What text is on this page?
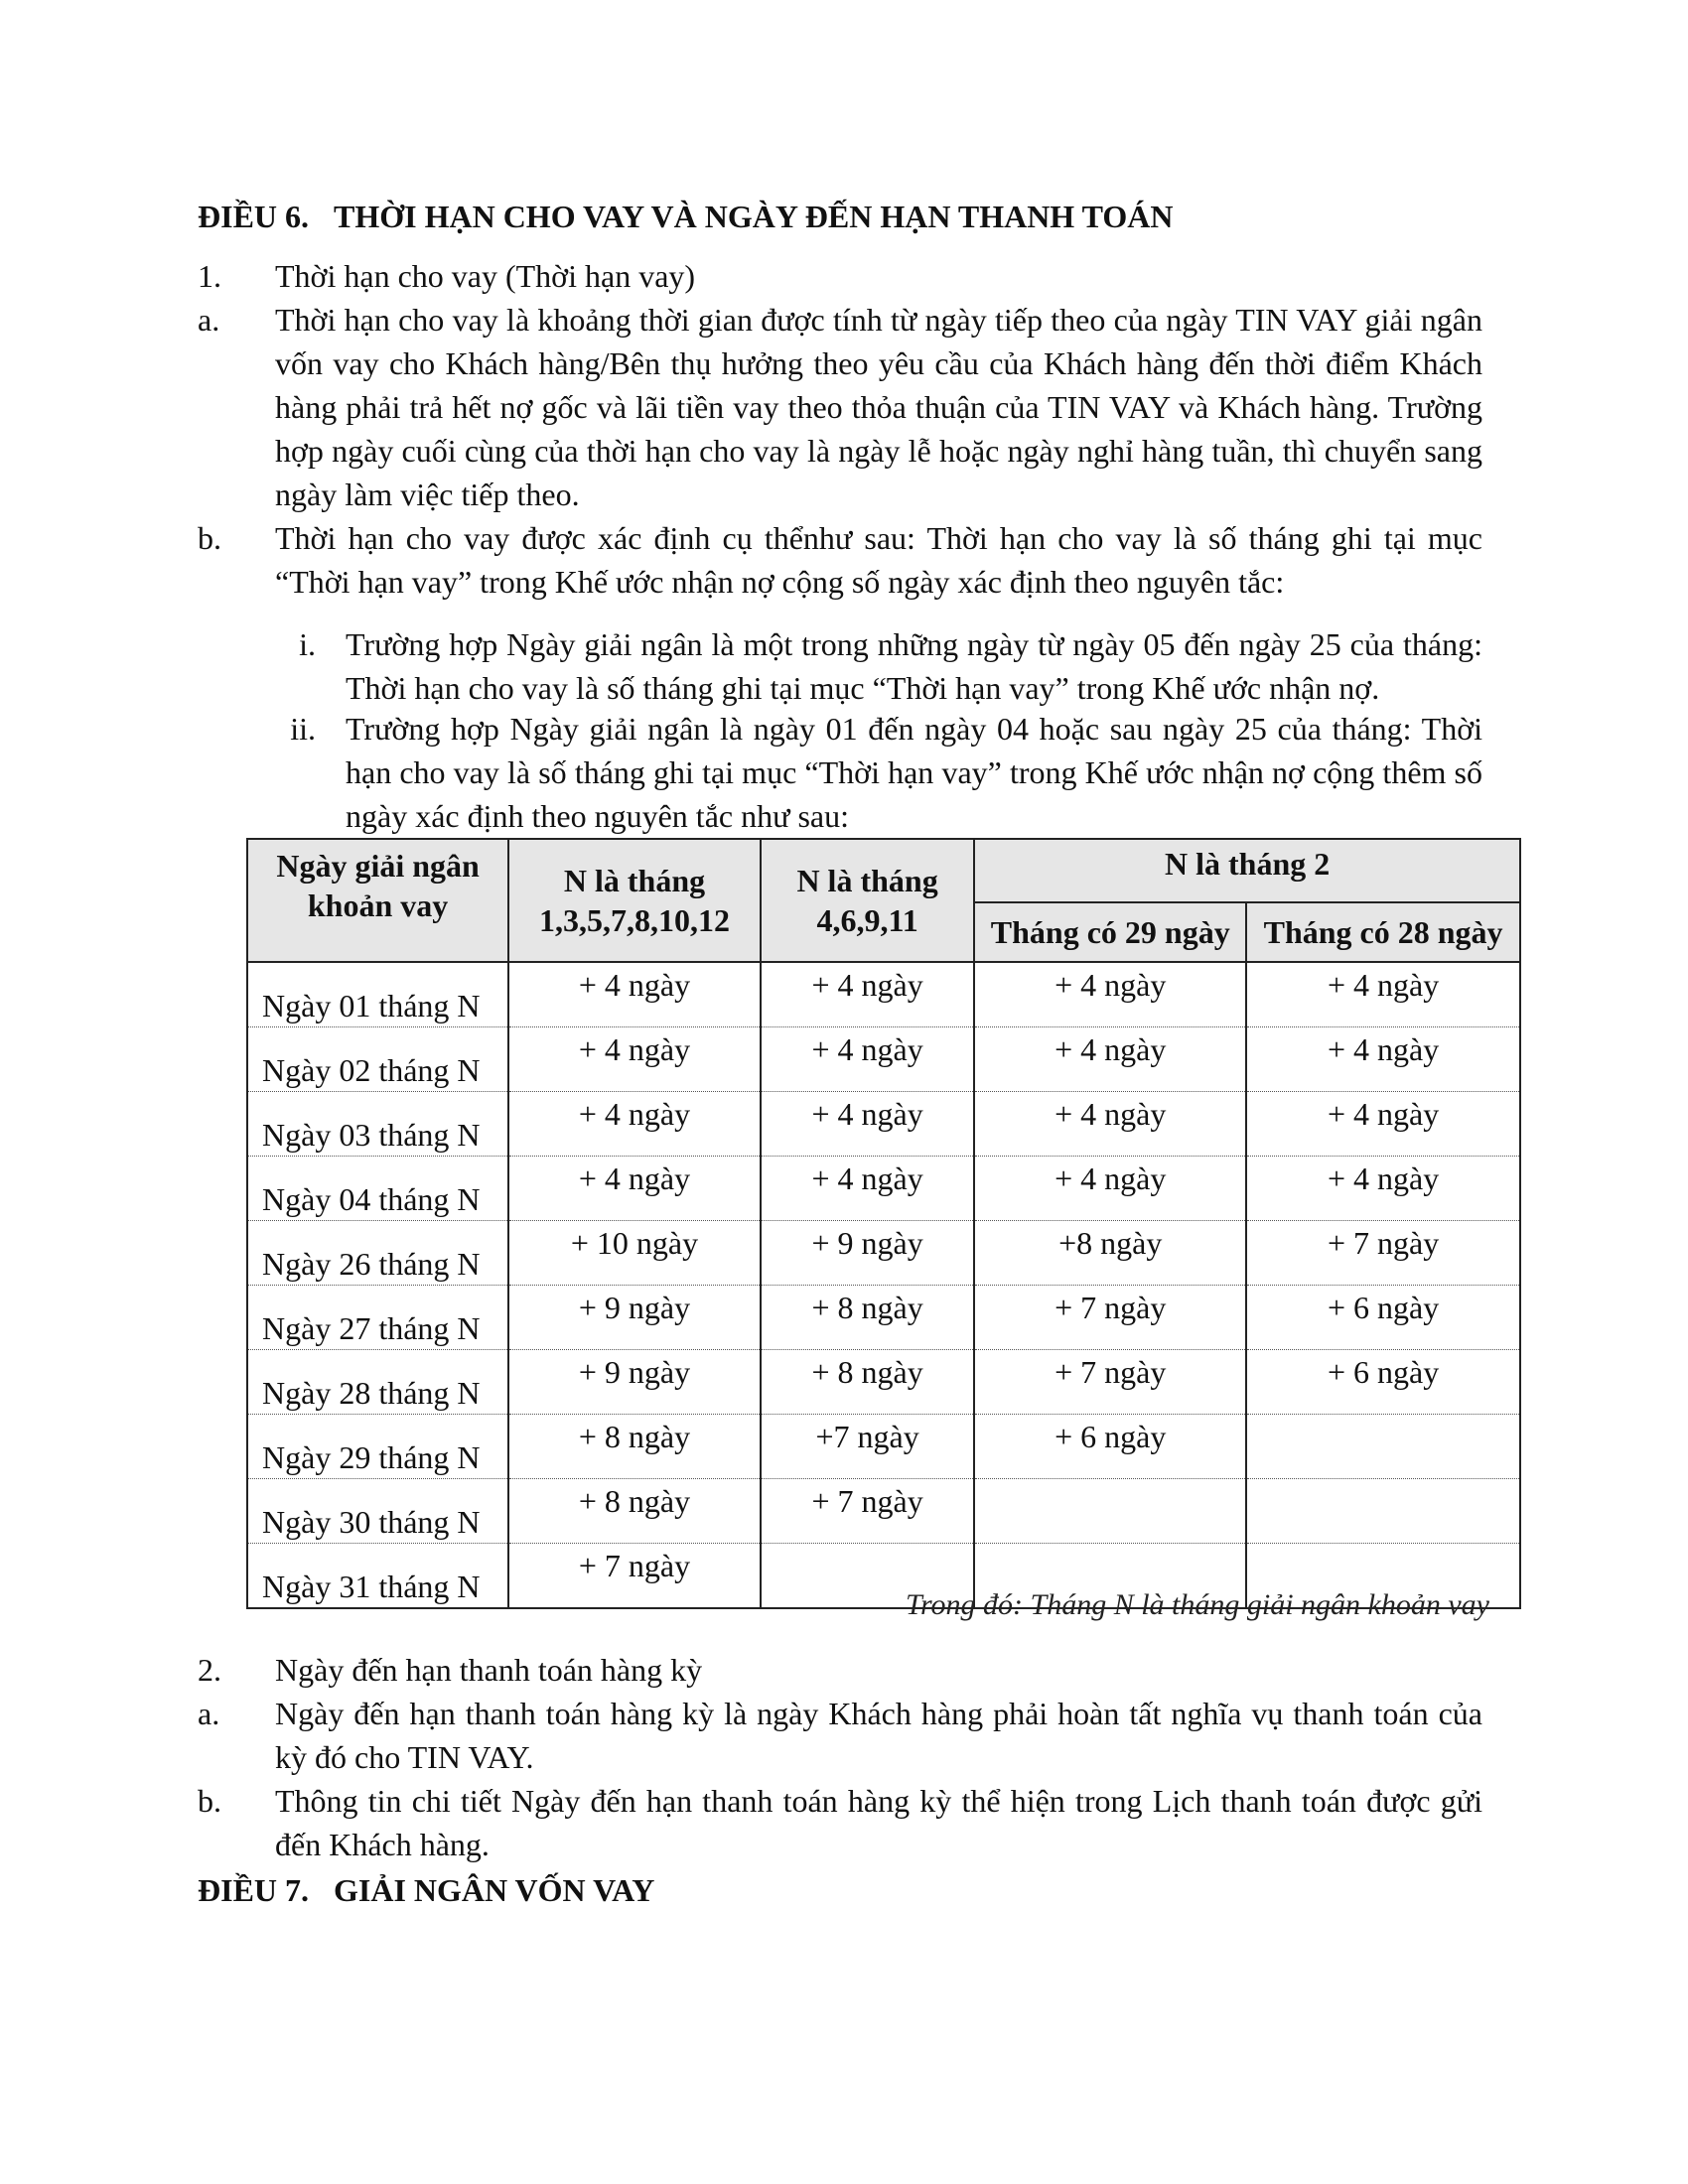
ĐIỀU 6. THỜI HẠN CHO VAY VÀ NGÀY ĐẾN HẠN THANH TOÁN
1. Thời hạn cho vay (Thời hạn vay)
a. Thời hạn cho vay là khoảng thời gian được tính từ ngày tiếp theo của ngày TIN VAY giải ngân vốn vay cho Khách hàng/Bên thụ hưởng theo yêu cầu của Khách hàng đến thời điểm Khách hàng phải trả hết nợ gốc và lãi tiền vay theo thỏa thuận của TIN VAY và Khách hàng. Trường hợp ngày cuối cùng của thời hạn cho vay là ngày lễ hoặc ngày nghỉ hàng tuần, thì chuyển sang ngày làm việc tiếp theo.
b. Thời hạn cho vay được xác định cụ thểnhư sau: Thời hạn cho vay là số tháng ghi tại mục “Thời hạn vay” trong Khế ước nhận nợ cộng số ngày xác định theo nguyên tắc:
i. Trường hợp Ngày giải ngân là một trong những ngày từ ngày 05 đến ngày 25 của tháng: Thời hạn cho vay là số tháng ghi tại mục “Thời hạn vay” trong Khế ước nhận nợ.
ii. Trường hợp Ngày giải ngân là ngày 01 đến ngày 04 hoặc sau ngày 25 của tháng: Thời hạn cho vay là số tháng ghi tại mục “Thời hạn vay” trong Khế ước nhận nợ cộng thêm số ngày xác định theo nguyên tắc như sau:
Ngày giải ngân khoản vay	N là tháng 1,3,5,7,8,10,12	N là tháng 4,6,9,11	N là tháng 2	
			Tháng có 29 ngày	Tháng có 28 ngày
Ngày 01 tháng N	+ 4 ngày	+ 4 ngày	+ 4 ngày	+ 4 ngày
Ngày 02 tháng N	+ 4 ngày	+ 4 ngày	+ 4 ngày	+ 4 ngày
Ngày 03 tháng N	+ 4 ngày	+ 4 ngày	+ 4 ngày	+ 4 ngày
Ngày 04 tháng N	+ 4 ngày	+ 4 ngày	+ 4 ngày	+ 4 ngày
Ngày 26 tháng N	+ 10 ngày	+ 9 ngày	+8 ngày	+ 7 ngày
Ngày 27 tháng N	+ 9 ngày	+ 8 ngày	+ 7 ngày	+ 6 ngày
Ngày 28 tháng N	+ 9 ngày	+ 8 ngày	+ 7 ngày	+ 6 ngày
Ngày 29 tháng N	+ 8 ngày	+7 ngày	+ 6 ngày	
Ngày 30 tháng N	+ 8 ngày	+ 7 ngày		
Ngày 31 tháng N	+ 7 ngày			
Trong đó: Tháng N là tháng giải ngân khoản vay
2. Ngày đến hạn thanh toán hàng kỳ
a. Ngày đến hạn thanh toán hàng kỳ là ngày Khách hàng phải hoàn tất nghĩa vụ thanh toán của kỳ đó cho TIN VAY.
b. Thông tin chi tiết Ngày đến hạn thanh toán hàng kỳ thể hiện trong Lịch thanh toán được gửi đến Khách hàng.
ĐIỀU 7. GIẢI NGÂN VỐN VAY
